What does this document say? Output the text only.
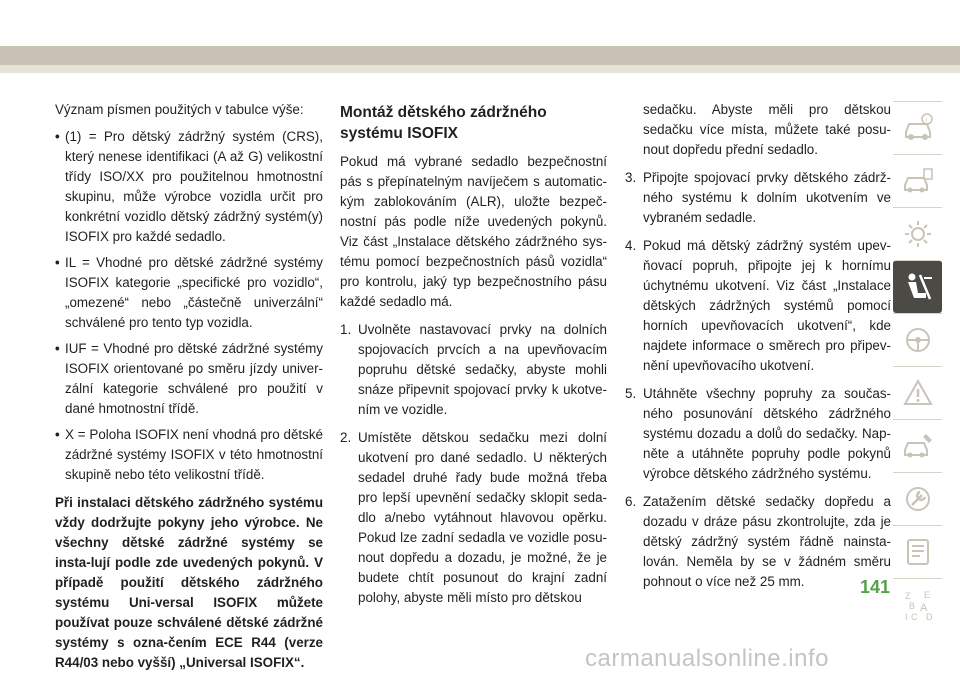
Význam písmen použitých v tabulce výše:

• (1) = Pro dětský zádržný systém (CRS), který nenese identifikaci (A až G) velikostní třídy ISO/XX pro použitelnou hmotnostní skupinu, může výrobce vozidla určit pro konkrétní vozidlo dětský zádržný systém(y) ISOFIX pro každé sedadlo.
• IL = Vhodné pro dětské zádržné systémy ISOFIX kategorie „specifické pro vozidlo“, „omezené“ nebo „částečně univerzální“ schválené pro tento typ vozidla.
• IUF = Vhodné pro dětské zádržné systémy ISOFIX orientované po směru jízdy univer-zální kategorie schválené pro použití v dané hmotnostní třídě.
• X = Poloha ISOFIX není vhodná pro dětské zádržné systémy ISOFIX v této hmotnostní skupině nebo této velikostní třídě.

Při instalaci dětského zádržného systému vždy dodržujte pokyny jeho výrobce. Ne všechny dětské zádržné systémy se insta-lují podle zde uvedených pokynů. V případě použití dětského zádržného systému Uni-versal ISOFIX můžete používat pouze schválené dětské zádržné systémy s ozna-čením ECE R44 (verze R44/03 nebo vyšší) „Universal ISOFIX“.

Montáž dětského zádržného systému ISOFIX

Pokud má vybrané sedadlo bezpečnostní pás s přepínatelným navíječem s automatic-kým zablokováním (ALR), uložte bezpeč-nostní pás podle níže uvedených pokynů. Viz část „Instalace dětského zádržného sys-tému pomocí bezpečnostních pásů vozidla“ pro kontrolu, jaký typ bezpečnostního pásu každé sedadlo má.

1. Uvolněte nastavovací prvky na dolních spojovacích prvcích a na upevňovacím popruhu dětské sedačky, abyste mohli snáze připevnit spojovací prvky k ukotve-ním ve vozidle.
2. Umístěte dětskou sedačku mezi dolní ukotvení pro dané sedadlo. U některých sedadel druhé řady bude možná třeba pro lepší upevnění sedačky sklopit seda-dlo a/nebo vytáhnout hlavovou opěrku. Pokud lze zadní sedadla ve vozidle posu-nout dopředu a dozadu, je možné, že je budete chtít posunout do krajní zadní polohy, abyste měli místo pro dětskou

sedačku. Abyste měli pro dětskou sedačku více místa, můžete také posu-nout dopředu přední sedadlo.

3. Připojte spojovací prvky dětského zádrž-ného systému k dolním ukotvením ve vybraném sedadle.
4. Pokud má dětský zádržný systém upev-ňovací popruh, připojte jej k hornímu úchytnému ukotvení. Viz část „Instalace dětských zádržných systémů pomocí horních upevňovacích ukotvení“, kde najdete informace o směrech pro připev-nění upevňovacího ukotvení.
5. Utáhněte všechny popruhy za součas-ného posunování dětského zádržného systému dozadu a dolů do sedačky. Nap-něte a utáhněte popruhy podle pokynů výrobce dětského zádržného systému.
6. Zatažením dětské sedačky dopředu a dozadu v dráze pásu zkontrolujte, zda je dětský zádržný systém řádně nainsta-lován. Neměla by se v žádném směru pohnout o více než 25 mm.
i
Z E
B A
I C D
141
carmanualsonline.info
